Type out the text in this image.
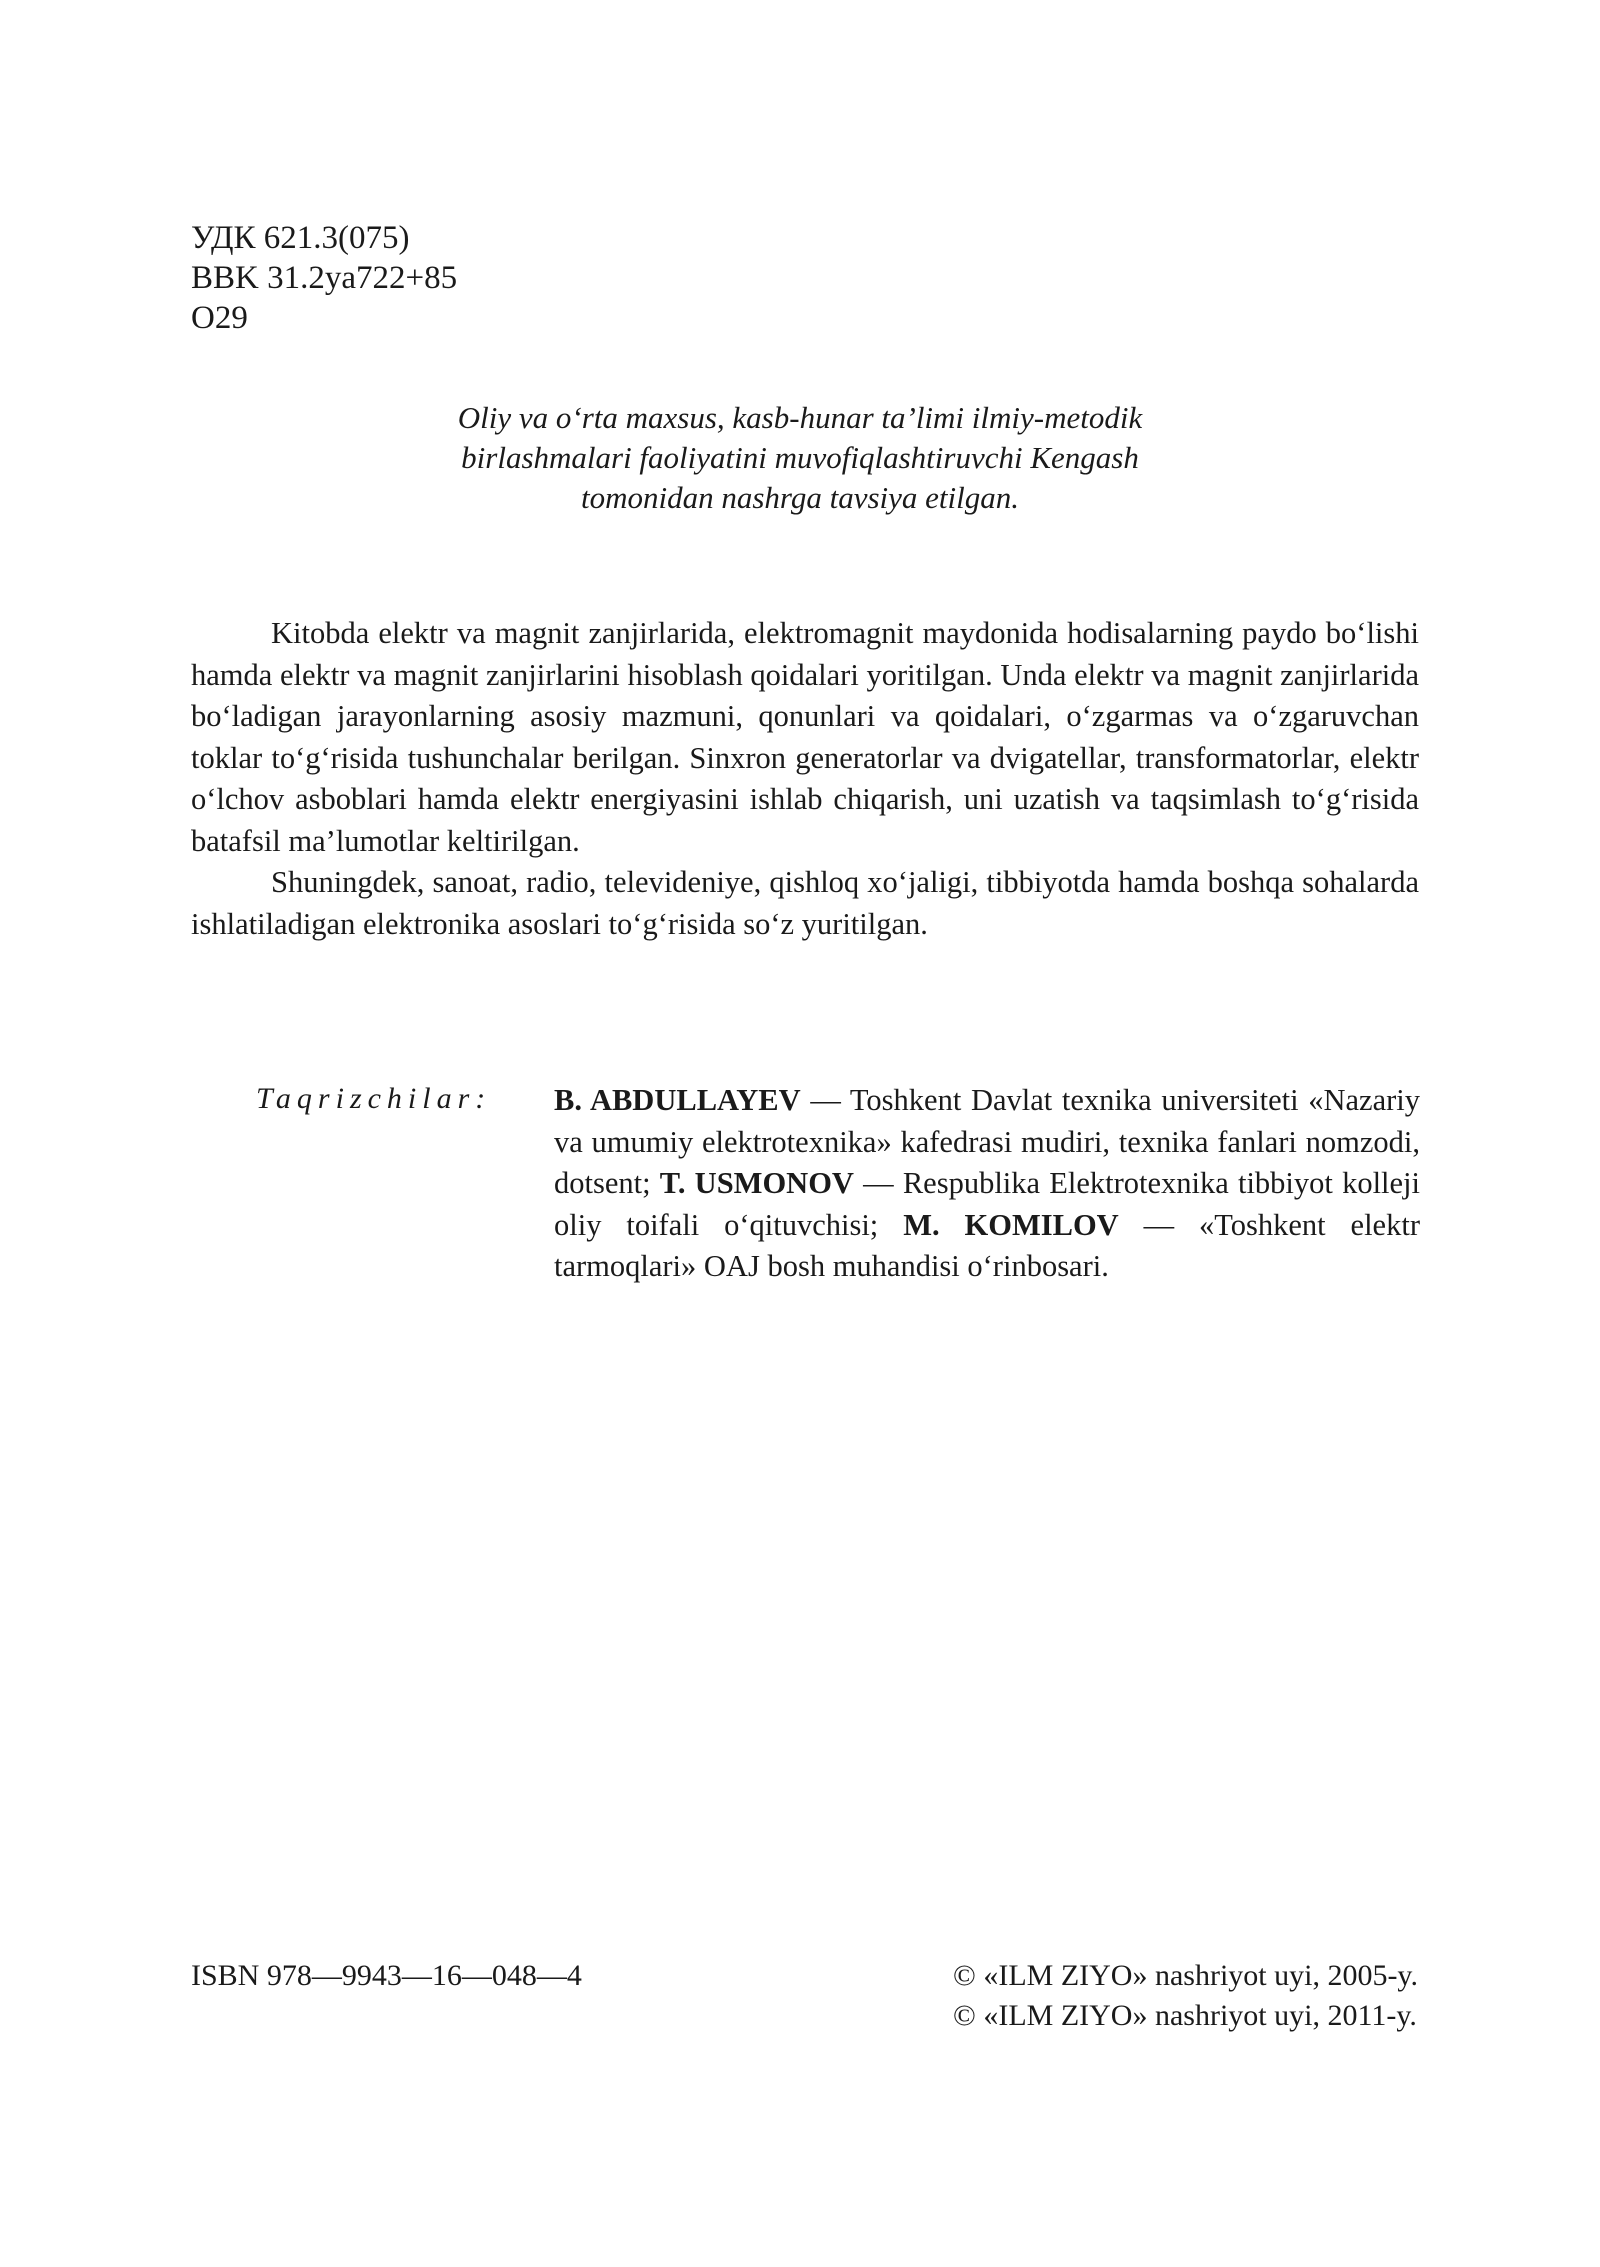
УДК 621.3(075)
BBK 31.2ya722+85
O29
Oliy va o‘rta maxsus, kasb-hunar ta’limi ilmiy-metodik
birlashmalari faoliyatini muvofiqlashtiruvchi Kengash
tomonidan nashrga tavsiya etilgan.

Kitobda elektr va magnit zanjirlarida, elektromagnit maydonida hodisalarning paydo bo‘lishi hamda elektr va magnit zanjirlarini hisoblash qoidalari yoritilgan. Unda elektr va magnit zanjirlarida bo‘ladigan jarayonlarning asosiy mazmuni, qonunlari va qoidalari, o‘zgarmas va o‘zgaruvchan toklar to‘g‘risida tushunchalar berilgan. Sinxron generatorlar va dvigatellar, transformatorlar, elektr o‘lchov asboblari hamda elektr energiyasini ishlab chiqarish, uni uzatish va taqsimlash to‘g‘risida batafsil ma’lumotlar keltirilgan.

Shuningdek, sanoat, radio, televideniye, qishloq xo‘jaligi, tibbiyotda hamda boshqa sohalarda ishlatiladigan elektronika asoslari to‘g‘risida so‘z yuritilgan.

Taqrizchilar: B. ABDULLAYEV — Toshkent Davlat texnika universiteti «Nazariy va umumiy elektrotexnika» kafedrasi mudiri, texnika fanlari nomzodi, dotsent; T. USMONOV — Respublika Elektrotexnika tibbiyot kolleji oliy toifali o‘qituvchisi; M. KOMILOV — «Toshkent elektr tarmoqlari» OAJ bosh muhandisi o‘rinbosari.
ISBN 978—9943—16—048—4	© «ILM ZIYO» nashriyot uyi, 2005-y.
© «ILM ZIYO» nashriyot uyi, 2011-y.
